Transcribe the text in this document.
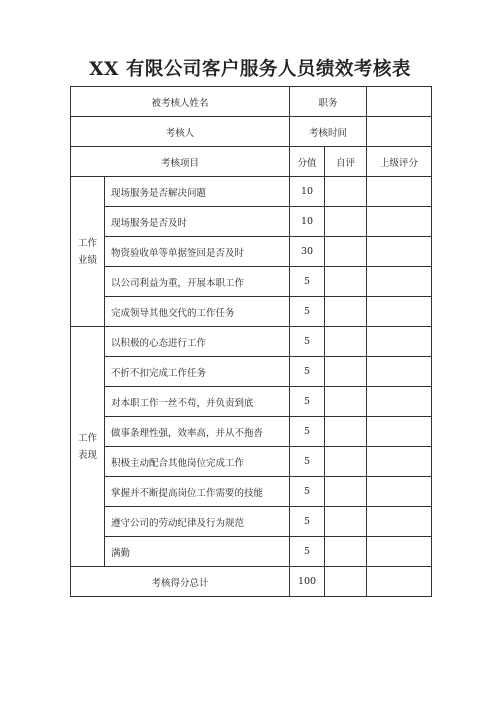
XX 有限公司客户服务人员绩效考核表
被考核人姓名		职务		
考核人		考核时间		
考核项目		分值	自评	上级评分
工作
业绩	现场服务是否解决问题	10		
	现场服务是否及时	10		
	物资验收单等单据签回是否及时	30		
	以公司利益为重，开展本职工作	5		
	完成领导其他交代的工作任务	5		
工作
表现	以积极的心态进行工作	5		
	不折不扣完成工作任务	5		
	对本职工作一丝不苟，并负责到底	5		
	做事条理性强，效率高，并从不拖沓	5		
	积极主动配合其他岗位完成工作	5		
	掌握并不断提高岗位工作需要的技能	5		
	遵守公司的劳动纪律及行为规范	5		
	满勤	5		
考核得分总计		100		
